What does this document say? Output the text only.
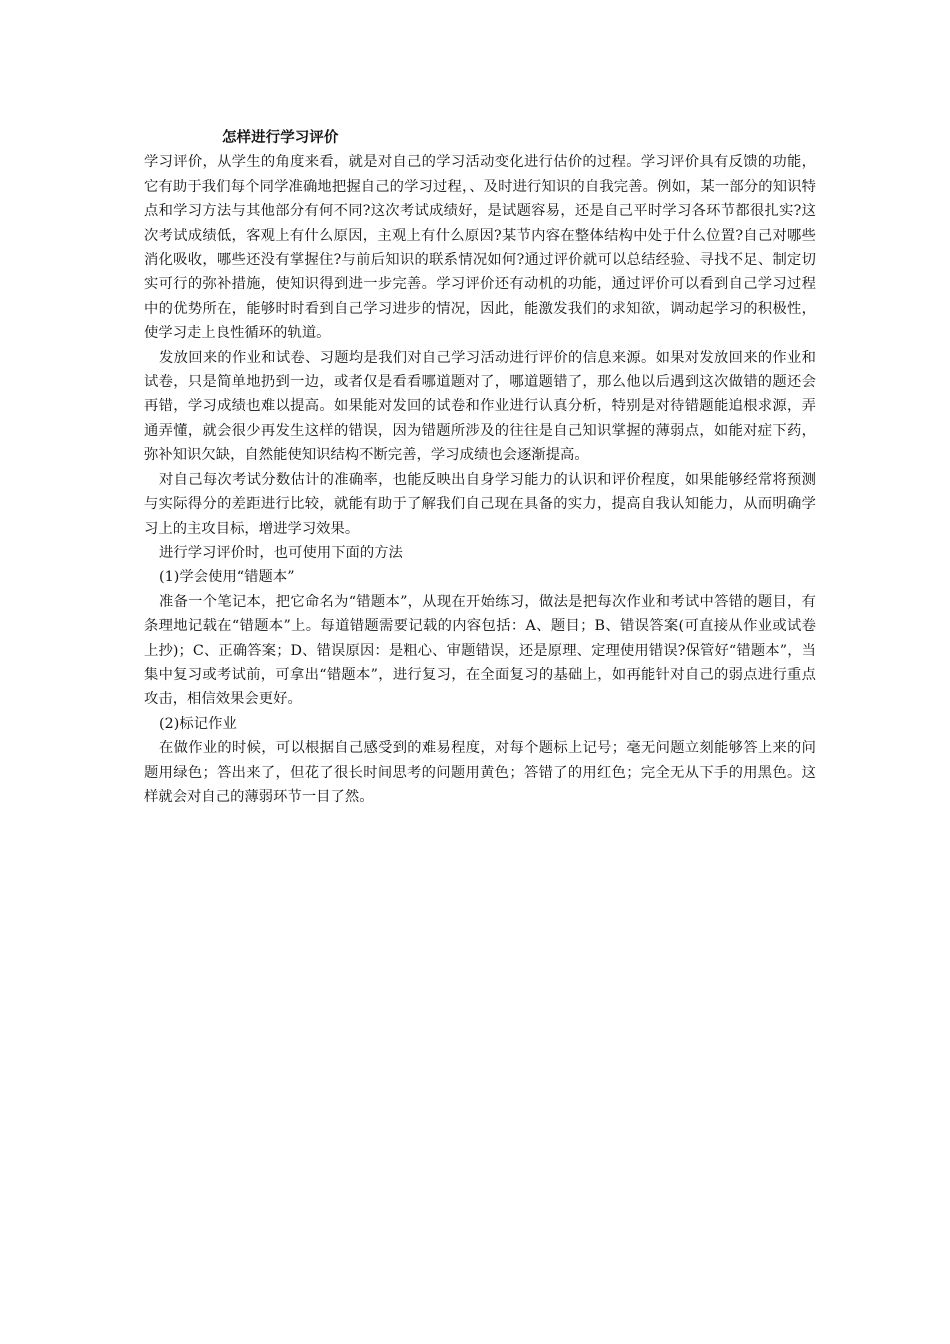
怎样进行学习评价

学习评价，从学生的角度来看，就是对自己的学习活动变化进行估价的过程。学习评价具有反馈的功能，它有助于我们每个同学准确地把握自己的学习过程，、及时进行知识的自我完善。例如，某一部分的知识特点和学习方法与其他部分有何不同?这次考试成绩好，是试题容易，还是自己平时学习各环节都很扎实?这次考试成绩低，客观上有什么原因，主观上有什么原因?某节内容在整体结构中处于什么位置?自己对哪些消化吸收，哪些还没有掌握住?与前后知识的联系情况如何?通过评价就可以总结经验、寻找不足、制定切实可行的弥补措施，使知识得到进一步完善。学习评价还有动机的功能，通过评价可以看到自己学习过程中的优势所在，能够时时看到自己学习进步的情况，因此，能激发我们的求知欲，调动起学习的积极性，使学习走上良性循环的轨道。

发放回来的作业和试卷、习题均是我们对自己学习活动进行评价的信息来源。如果对发放回来的作业和试卷，只是简单地扔到一边，或者仅是看看哪道题对了，哪道题错了，那么他以后遇到这次做错的题还会再错，学习成绩也难以提高。如果能对发回的试卷和作业进行认真分析，特别是对待错题能追根求源，弄通弄懂，就会很少再发生这样的错误，因为错题所涉及的往往是自己知识掌握的薄弱点，如能对症下药，弥补知识欠缺，自然能使知识结构不断完善，学习成绩也会逐渐提高。

对自己每次考试分数估计的准确率，也能反映出自身学习能力的认识和评价程度，如果能够经常将预测与实际得分的差距进行比较，就能有助于了解我们自己现在具备的实力，提高自我认知能力，从而明确学习上的主攻目标，增进学习效果。

进行学习评价时，也可使用下面的方法

(1)学会使用“错题本”

准备一个笔记本，把它命名为“错题本”，从现在开始练习，做法是把每次作业和考试中答错的题目，有条理地记载在“错题本”上。每道错题需要记载的内容包括：A、题目；B、错误答案(可直接从作业或试卷上抄)；C、正确答案；D、错误原因：是粗心、审题错误，还是原理、定理使用错误?保管好“错题本”，当集中复习或考试前，可拿出“错题本”，进行复习，在全面复习的基础上，如再能针对自己的弱点进行重点攻击，相信效果会更好。

(2)标记作业

在做作业的时候，可以根据自己感受到的难易程度，对每个题标上记号；毫无问题立刻能够答上来的问题用绿色；答出来了，但花了很长时间思考的问题用黄色；答错了的用红色；完全无从下手的用黑色。这样就会对自己的薄弱环节一目了然。
